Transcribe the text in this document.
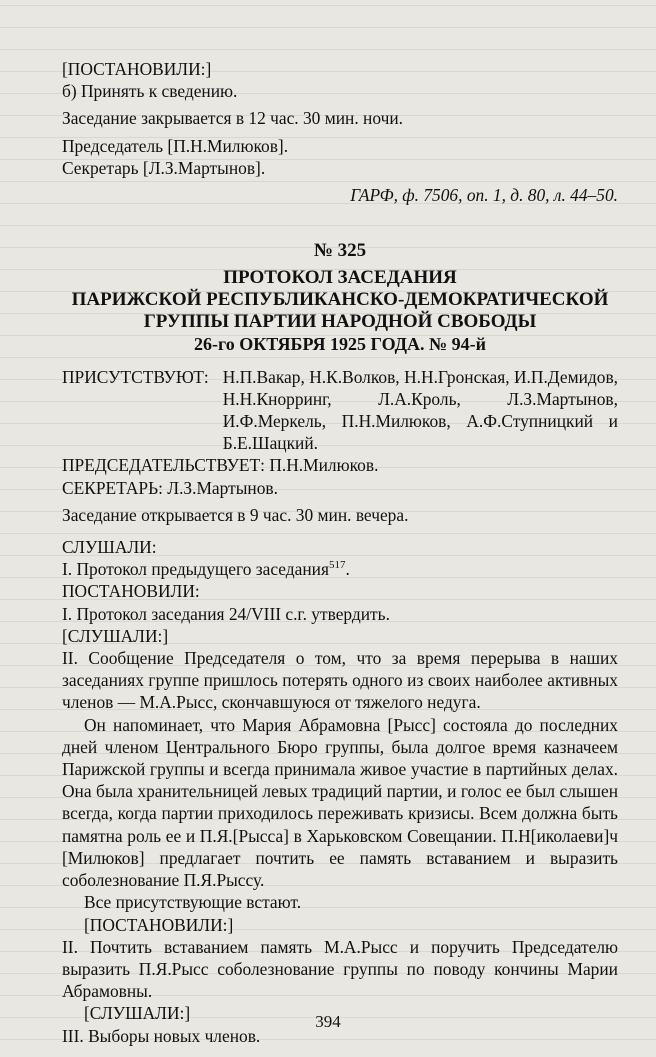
[ПОСТАНОВИЛИ:]

б) Принять к сведению.

Заседание закрывается в 12 час. 30 мин. ночи.

Председатель [П.Н.Милюков].

Секретарь [Л.З.Мартынов].

ГАРФ, ф. 7506, оп. 1, д. 80, л. 44–50.

№ 325

ПРОТОКОЛ ЗАСЕДАНИЯ

ПАРИЖСКОЙ РЕСПУБЛИКАНСКО-ДЕМОКРАТИЧЕСКОЙ

ГРУППЫ ПАРТИИ НАРОДНОЙ СВОБОДЫ

26-го ОКТЯБРЯ 1925 ГОДА. № 94-й

ПРИСУТСТВУЮТ: Н.П.Вакар, Н.К.Волков, Н.Н.Гронская, И.П.Демидов, Н.Н.Кнорринг, Л.А.Кроль, Л.З.Мартынов, И.Ф.Меркель, П.Н.Милюков, А.Ф.Ступницкий и Б.Е.Шацкий.

ПРЕДСЕДАТЕЛЬСТВУЕТ: П.Н.Милюков.

СЕКРЕТАРЬ: Л.З.Мартынов.

Заседание открывается в 9 час. 30 мин. вечера.

СЛУШАЛИ:

I. Протокол предыдущего заседания$^{517}$.

ПОСТАНОВИЛИ:

I. Протокол заседания 24/VIII с.г. утвердить.

[СЛУШАЛИ:]

II. Сообщение Председателя о том, что за время перерыва в наших заседаниях группе пришлось потерять одного из своих наиболее активных членов — М.А.Рысс, скончавшуюся от тяжелого недуга.

Он напоминает, что Мария Абрамовна [Рысс] состояла до последних дней членом Центрального Бюро группы, была долгое время казначеем Парижской группы и всегда принимала живое участие в партийных делах. Она была хранительницей левых традиций партии, и голос ее был слышен всегда, когда партии приходилось переживать кризисы. Всем должна быть памятна роль ее и П.Я.[Рысса] в Харьковском Совещании. П.Н[иколаеви]ч [Милюков] предлагает почтить ее память вставанием и выразить соболезнование П.Я.Рыссу.

Все присутствующие встают.

[ПОСТАНОВИЛИ:]

II. Почтить вставанием память М.А.Рысс и поручить Председателю выразить П.Я.Рысс соболезнование группы по поводу кончины Марии Абрамовны.

[СЛУШАЛИ:]

III. Выборы новых членов.

394
